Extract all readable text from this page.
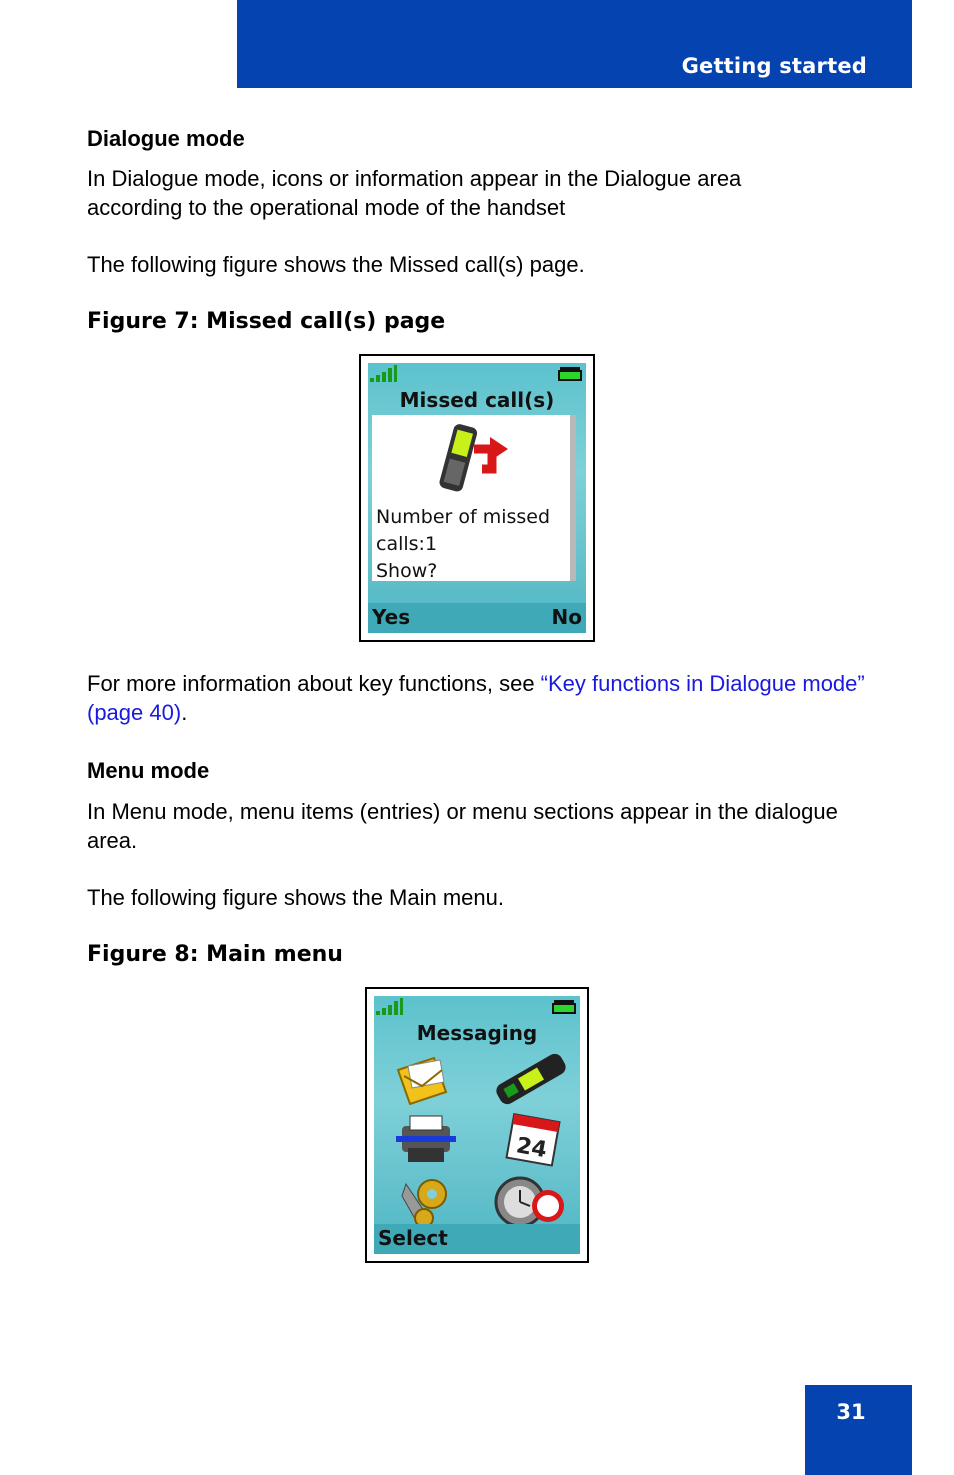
Getting started
Dialogue mode
In Dialogue mode, icons or information appear in the Dialogue area according to the operational mode of the handset
The following figure shows the Missed call(s) page.
Figure 7: Missed call(s) page
Missed call(s)
Number of missed
calls:1
Show?
Yes	No
For more information about key functions, see “Key functions in Dialogue mode” (page 40).
Menu mode
In Menu mode, menu items (entries) or menu sections appear in the dialogue area.
The following figure shows the Main menu.
Figure 8: Main menu
Messaging
24
Select
31
